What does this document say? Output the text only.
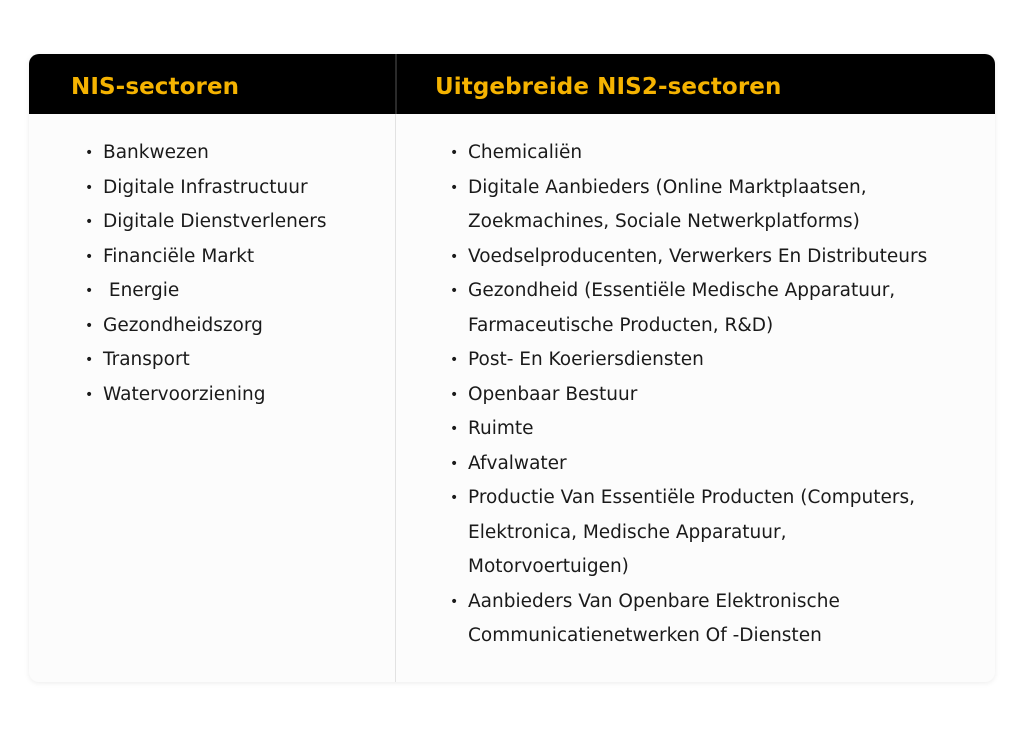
NIS-sectoren	Uitgebreide NIS2-sectoren
• Bankwezen
• Digitale Infrastructuur
• Digitale Dienstverleners
• Financiële Markt
• Energie
• Gezondheidszorg
• Transport
• Watervoorziening
• Chemicaliën
• Digitale Aanbieders (Online Marktplaatsen, Zoekmachines, Sociale Netwerkplatforms)
• Voedselproducenten, Verwerkers En Distributeurs
• Gezondheid (Essentiële Medische Apparatuur, Farmaceutische Producten, R&D)
• Post- En Koeriersdiensten
• Openbaar Bestuur
• Ruimte
• Afvalwater
• Productie Van Essentiële Producten (Computers, Elektronica, Medische Apparatuur, Motorvoertuigen)
• Aanbieders Van Openbare Elektronische Communicatienetwerken Of -Diensten
